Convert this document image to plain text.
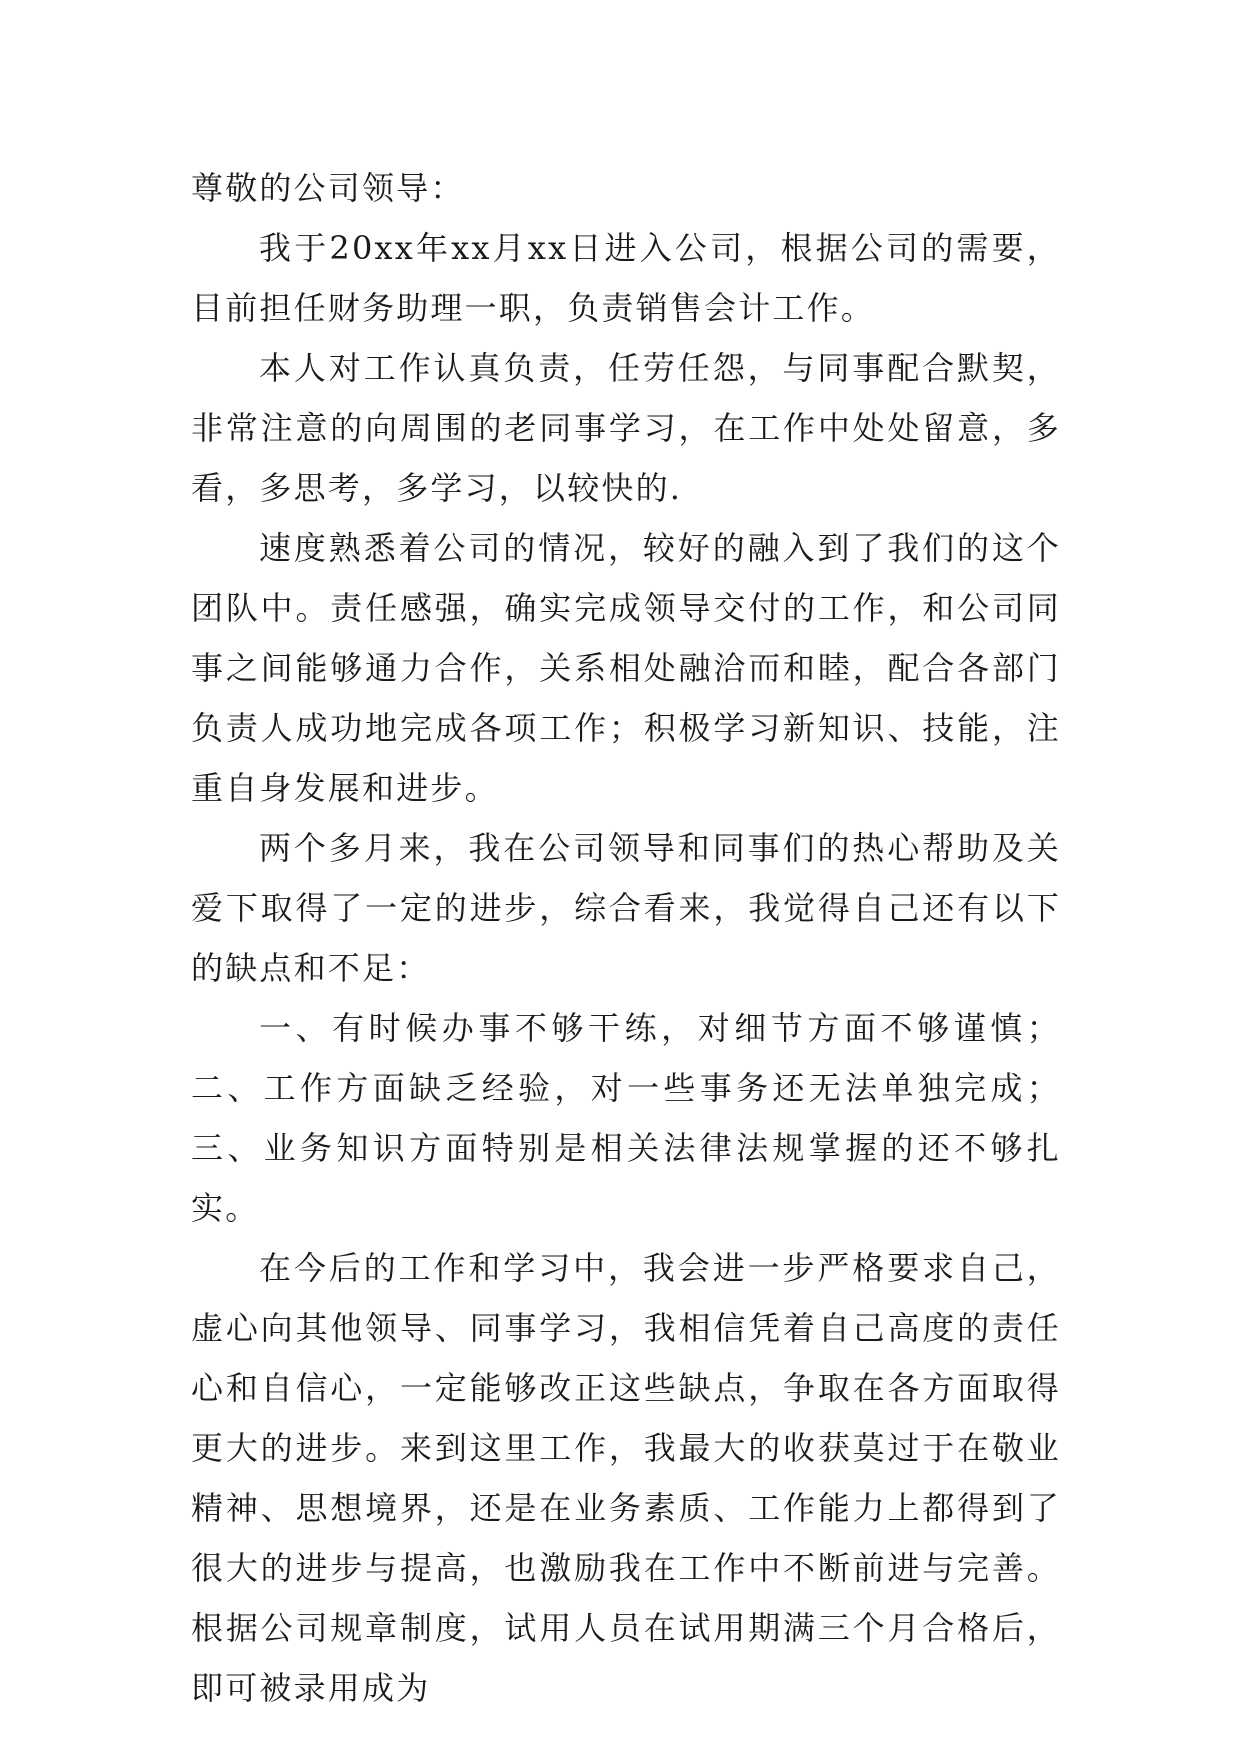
尊敬的公司领导：

我于20xx年xx月xx日进入公司，根据公司的需要，目前担任财务助理一职，负责销售会计工作。

本人对工作认真负责，任劳任怨，与同事配合默契，非常注意的向周围的老同事学习，在工作中处处留意，多看，多思考，多学习，以较快的.

速度熟悉着公司的情况，较好的融入到了我们的这个团队中。责任感强，确实完成领导交付的工作，和公司同事之间能够通力合作，关系相处融洽而和睦，配合各部门负责人成功地完成各项工作；积极学习新知识、技能，注重自身发展和进步。

两个多月来，我在公司领导和同事们的热心帮助及关爱下取得了一定的进步，综合看来，我觉得自己还有以下的缺点和不足：

一、有时候办事不够干练，对细节方面不够谨慎；二、工作方面缺乏经验，对一些事务还无法单独完成；三、业务知识方面特别是相关法律法规掌握的还不够扎实。

在今后的工作和学习中，我会进一步严格要求自己，虚心向其他领导、同事学习，我相信凭着自己高度的责任心和自信心，一定能够改正这些缺点，争取在各方面取得更大的进步。来到这里工作，我最大的收获莫过于在敬业精神、思想境界，还是在业务素质、工作能力上都得到了很大的进步与提高，也激励我在工作中不断前进与完善。根据公司规章制度，试用人员在试用期满三个月合格后，即可被录用成为
